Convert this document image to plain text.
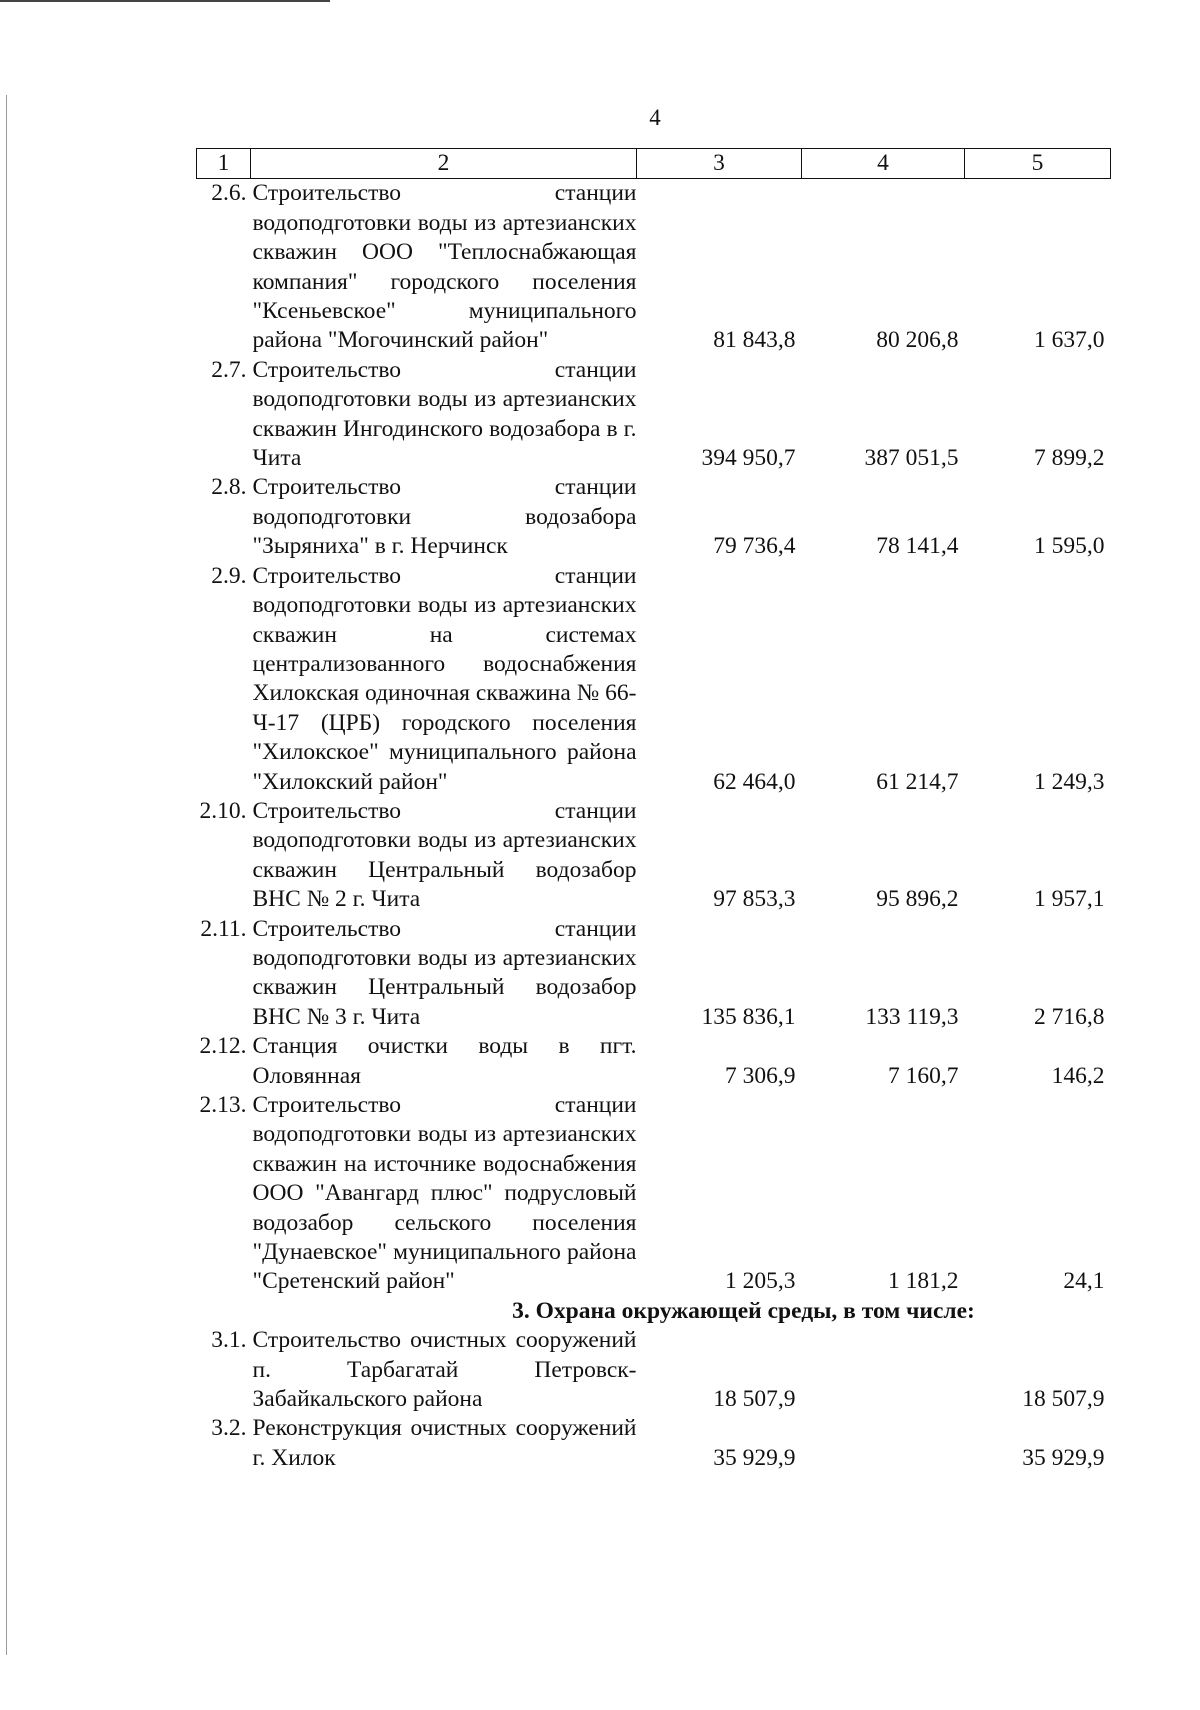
4
1	2	3	4	5
2.6.	Строительство станции водоподготовки воды из артезианских скважин ООО "Теплоснабжающая компания" городского поселения "Ксеньевское" муниципального района "Могочинский район"	81 843,8	80 206,8	1 637,0
2.7.	Строительство станции водоподготовки воды из артезианских скважин Ингодинского водозабора в г. Чита	394 950,7	387 051,5	7 899,2
2.8.	Строительство станции водоподготовки водозабора "Зыряниха" в г. Нерчинск	79 736,4	78 141,4	1 595,0
2.9.	Строительство станции водоподготовки воды из артезианских скважин на системах централизованного водоснабжения Хилокская одиночная скважина № 66-Ч-17 (ЦРБ) городского поселения "Хилокское" муниципального района "Хилокский район"	62 464,0	61 214,7	1 249,3
2.10.	Строительство станции водоподготовки воды из артезианских скважин Центральный водозабор ВНС № 2 г. Чита	97 853,3	95 896,2	1 957,1
2.11.	Строительство станции водоподготовки воды из артезианских скважин Центральный водозабор ВНС № 3 г. Чита	135 836,1	133 119,3	2 716,8
2.12.	Станция очистки воды в пгт. Оловянная	7 306,9	7 160,7	146,2
2.13.	Строительство станции водоподготовки воды из артезианских скважин на источнике водоснабжения ООО "Авангард плюс" подрусловый водозабор сельского поселения "Дунаевское" муниципального района "Сретенский район"	1 205,3	1 181,2	24,1
3. Охрана окружающей среды, в том числе:				
3.1.	Строительство очистных сооружений п. Тарбагатай Петровск-Забайкальского района	18 507,9		18 507,9
3.2.	Реконструкция очистных сооружений г. Хилок	35 929,9		35 929,9
